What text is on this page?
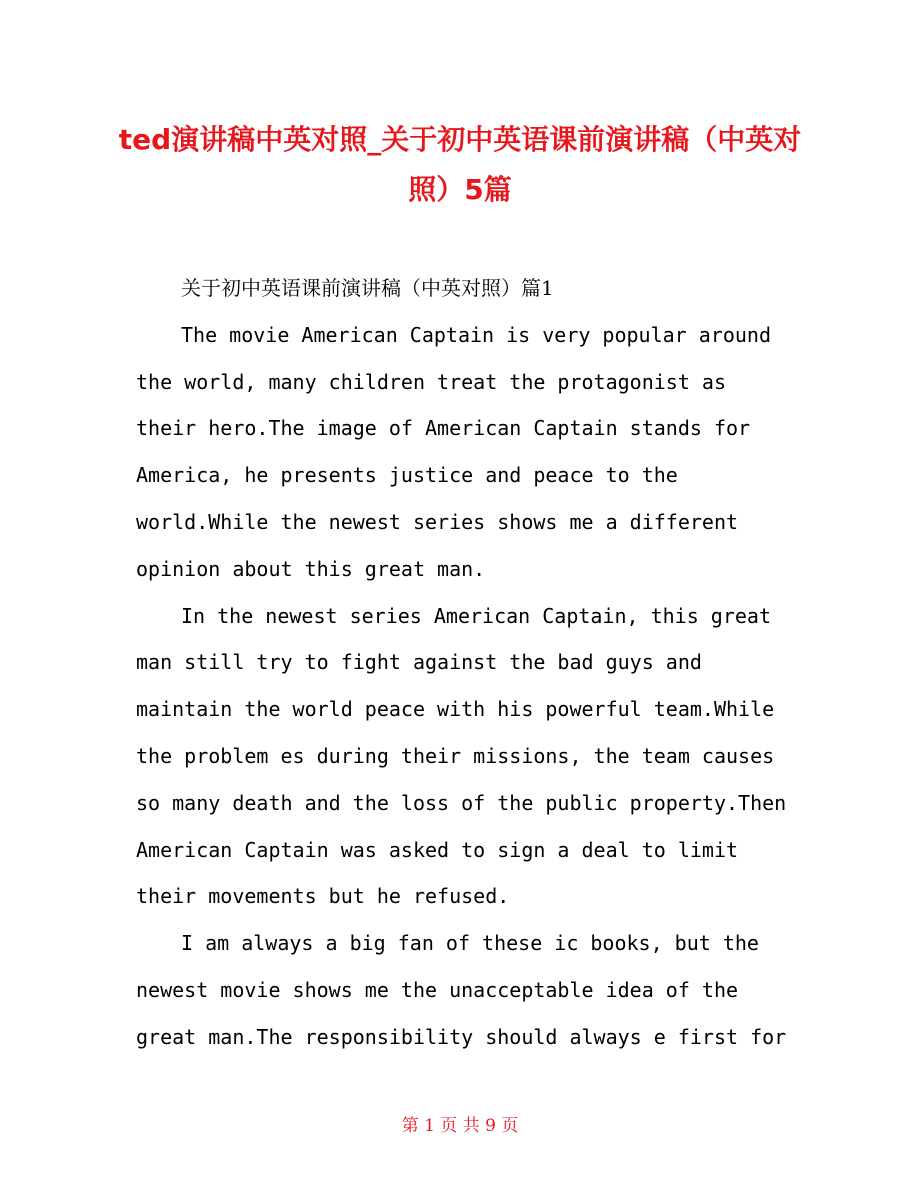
ted演讲稿中英对照_关于初中英语课前演讲稿（中英对照）5篇

关于初中英语课前演讲稿（中英对照）篇1

The movie American Captain is very popular around
the world, many children treat the protagonist as
their hero.The image of American Captain stands for
America, he presents justice and peace to the
world.While the newest series shows me a different
opinion about this great man.

In the newest series American Captain, this great
man still try to fight against the bad guys and
maintain the world peace with his powerful team.While
the problem es during their missions, the team causes
so many death and the loss of the public property.Then
American Captain was asked to sign a deal to limit
their movements but he refused.

I am always a big fan of these ic books, but the
newest movie shows me the unacceptable idea of the
great man.The responsibility should always e first for

第 1 页 共 9 页
